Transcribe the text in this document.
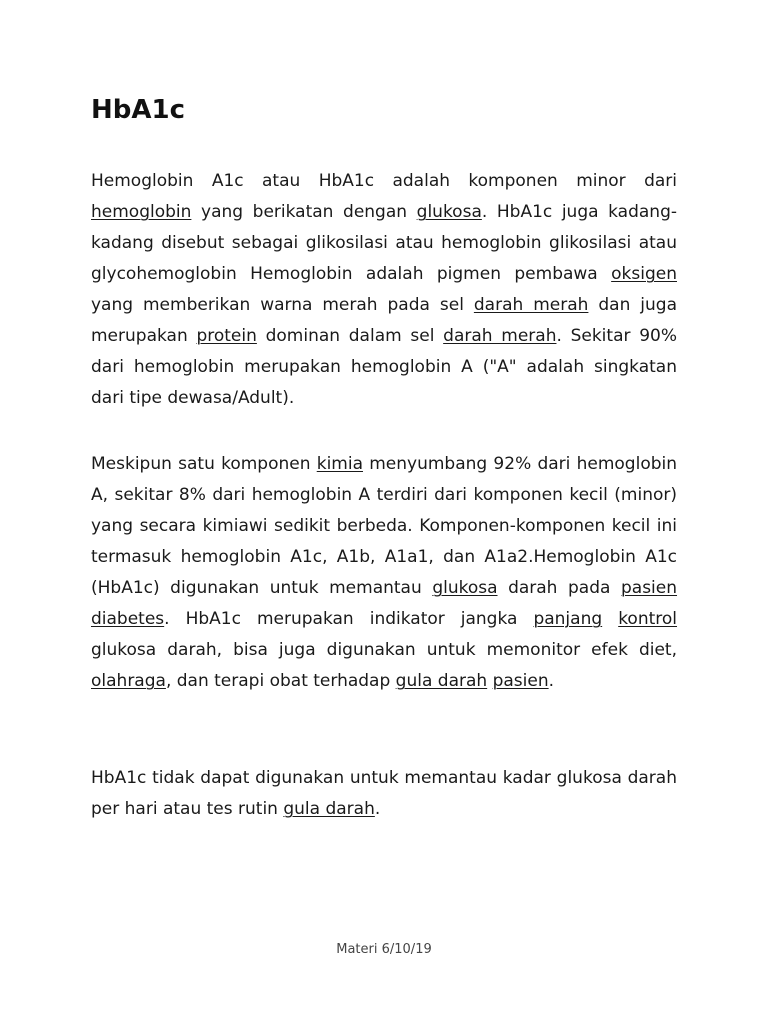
HbA1c

Hemoglobin A1c atau HbA1c adalah komponen minor dari hemoglobin yang berikatan dengan glukosa. HbA1c juga kadang-kadang disebut sebagai glikosilasi atau hemoglobin glikosilasi atau glycohemoglobin Hemoglobin adalah pigmen pembawa oksigen yang memberikan warna merah pada sel darah merah dan juga merupakan protein dominan dalam sel darah merah. Sekitar 90% dari hemoglobin merupakan hemoglobin A ("A" adalah singkatan dari tipe dewasa/Adult).

Meskipun satu komponen kimia menyumbang 92% dari hemoglobin A, sekitar 8% dari hemoglobin A terdiri dari komponen kecil (minor) yang secara kimiawi sedikit berbeda. Komponen-komponen kecil ini termasuk hemoglobin A1c, A1b, A1a1, dan A1a2.Hemoglobin A1c (HbA1c) digunakan untuk memantau glukosa darah pada pasien diabetes. HbA1c merupakan indikator jangka panjang kontrol glukosa darah, bisa juga digunakan untuk memonitor efek diet, olahraga, dan terapi obat terhadap gula darah pasien.

HbA1c tidak dapat digunakan untuk memantau kadar glukosa darah per hari atau tes rutin gula darah.

Materi 6/10/19
